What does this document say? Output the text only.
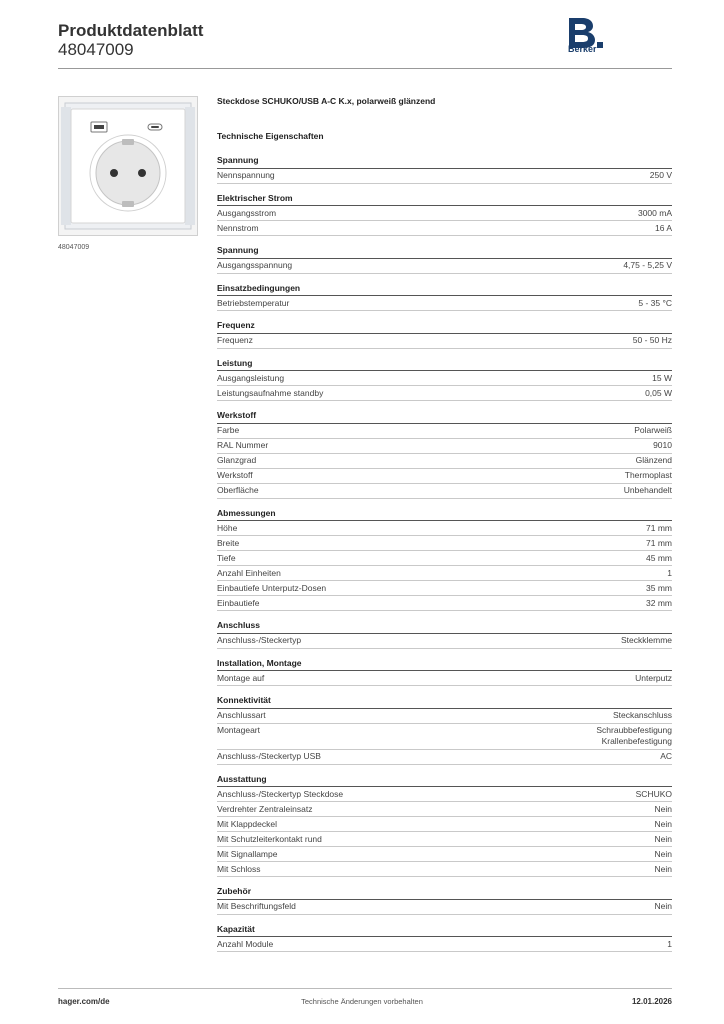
Produktdatenblatt
48047009	Berker
48047009
Steckdose SCHUKO/USB A-C K.x, polarweiß glänzend
Technische Eigenschaften
Spannung
Nennspannung	250 V
Elektrischer Strom
Ausgangsstrom	3000 mA
Nennstrom	16 A
Spannung
Ausgangsspannung	4,75 - 5,25 V
Einsatzbedingungen
Betriebstemperatur	5 - 35 °C
Frequenz
Frequenz	50 - 50 Hz
Leistung
Ausgangsleistung	15 W
Leistungsaufnahme standby	0,05 W
Werkstoff
Farbe	Polarweiß
RAL Nummer	9010
Glanzgrad	Glänzend
Werkstoff	Thermoplast
Oberfläche	Unbehandelt
Abmessungen
Höhe	71 mm
Breite	71 mm
Tiefe	45 mm
Anzahl Einheiten	1
Einbautiefe Unterputz-Dosen	35 mm
Einbautiefe	32 mm
Anschluss
Anschluss-/Steckertyp	Steckklemme
Installation, Montage
Montage auf	Unterputz
Konnektivität
Anschlussart	Steckanschluss
Montageart	Schraubbefestigung
Krallenbefestigung
Anschluss-/Steckertyp USB	AC
Ausstattung
Anschluss-/Steckertyp Steckdose	SCHUKO
Verdrehter Zentraleinsatz	Nein
Mit Klappdeckel	Nein
Mit Schutzleiterkontakt rund	Nein
Mit Signallampe	Nein
Mit Schloss	Nein
Zubehör
Mit Beschriftungsfeld	Nein
Kapazität
Anzahl Module	1
hager.com/de	Technische Änderungen vorbehalten	12.01.2026
